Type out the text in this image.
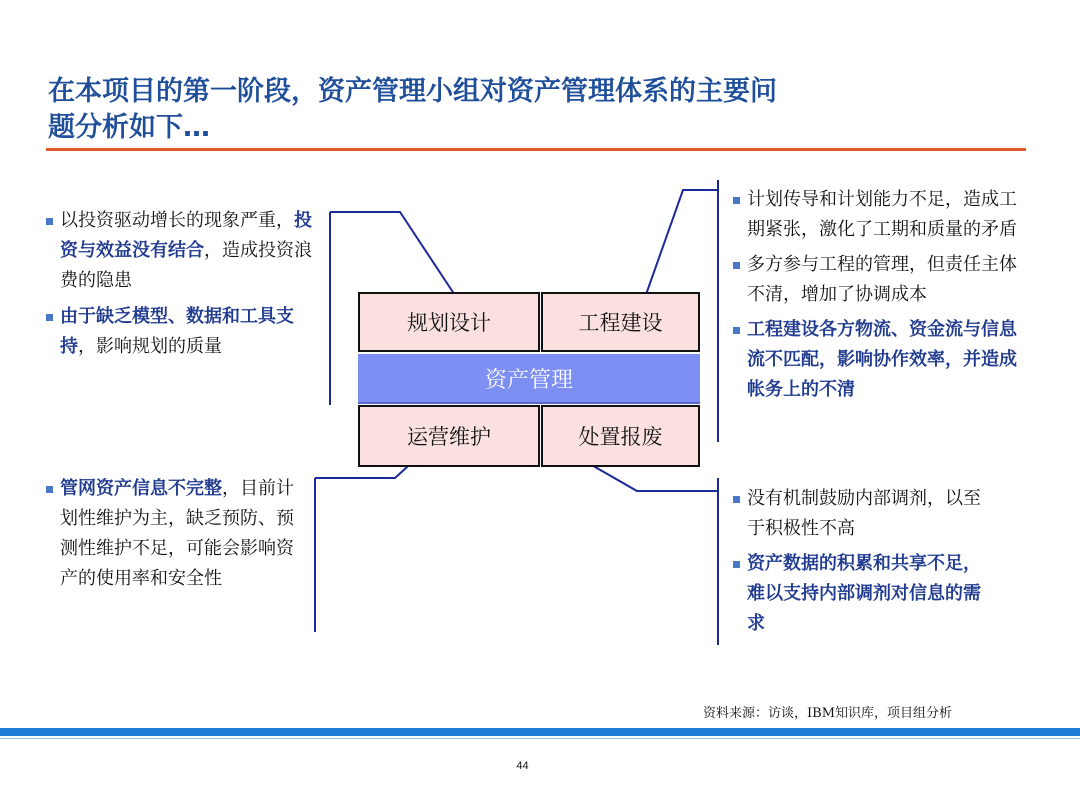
在本项目的第一阶段，资产管理小组对资产管理体系的主要问
题分析如下…
规划设计	工程建设
资产管理
运营维护	处置报废
以投资驱动增长的现象严重，投资与效益没有结合，造成投资浪费的隐患
由于缺乏模型、数据和工具支持，影响规划的质量
管网资产信息不完整，目前计划性维护为主，缺乏预防、预测性维护不足，可能会影响资产的使用率和安全性
计划传导和计划能力不足，造成工期紧张，激化了工期和质量的矛盾
多方参与工程的管理，但责任主体不清，增加了协调成本
工程建设各方物流、资金流与信息流不匹配，影响协作效率，并造成帐务上的不清
没有机制鼓励内部调剂，以至于积极性不高
资产数据的积累和共享不足，难以支持内部调剂对信息的需求
资料来源：访谈，IBM知识库，项目组分析
44
